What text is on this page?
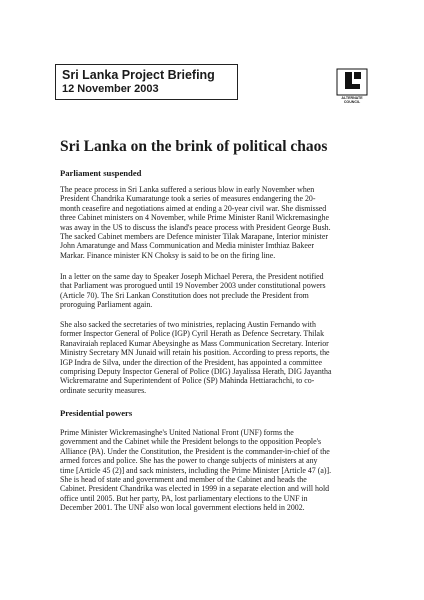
Sri Lanka Project Briefing
12 November 2003
ALTERNATE
COUNCIL
Sri Lanka on the brink of political chaos
Parliament suspended

The peace process in Sri Lanka suffered a serious blow in early November when
President Chandrika Kumaratunge took a series of measures endangering the 20-
month ceasefire and negotiations aimed at ending a 20-year civil war. She dismissed
three Cabinet ministers on 4 November, while Prime Minister Ranil Wickremasinghe
was away in the US to discuss the island's peace process with President George Bush.
The sacked Cabinet members are Defence minister Tilak Marapane, Interior minister
John Amaratunge and Mass Communication and Media minister Imthiaz Bakeer
Markar. Finance minister KN Choksy is said to be on the firing line.

In a letter on the same day to Speaker Joseph Michael Perera, the President notified
that Parliament was prorogued until 19 November 2003 under constitutional powers
(Article 70). The Sri Lankan Constitution does not preclude the President from
proroguing Parliament again.

She also sacked the secretaries of two ministries, replacing Austin Fernando with
former Inspector General of Police (IGP) Cyril Herath as Defence Secretary. Thilak
Ranaviraiah replaced Kumar Abeysinghe as Mass Communication Secretary. Interior
Ministry Secretary MN Junaid will retain his position. According to press reports, the
IGP Indra de Silva, under the direction of the President, has appointed a committee
comprising Deputy Inspector General of Police (DIG) Jayalissa Herath, DIG Jayantha
Wickremaratne and Superintendent of Police (SP) Mahinda Hettiarachchi, to co-
ordinate security measures.

Presidential powers

Prime Minister Wickremasinghe's United National Front (UNF) forms the
government and the Cabinet while the President belongs to the opposition People's
Alliance (PA). Under the Constitution, the President is the commander-in-chief of the
armed forces and police. She has the power to change subjects of ministers at any
time [Article 45 (2)] and sack ministers, including the Prime Minister [Article 47 (a)].
She is head of state and government and member of the Cabinet and heads the
Cabinet. President Chandrika was elected in 1999 in a separate election and will hold
office until 2005. But her party, PA, lost parliamentary elections to the UNF in
December 2001. The UNF also won local government elections held in 2002.
